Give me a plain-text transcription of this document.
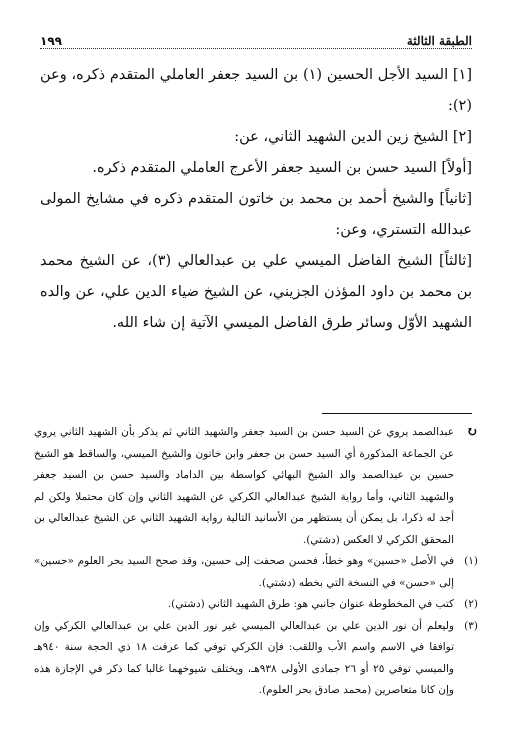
الطبقة الثالثة
١٩٩

[١] السيد الأجل الحسين (١) بن السيد جعفر العاملي المتقدم ذكره، وعن (٢):

[٢] الشيخ زين الدين الشهيد الثاني، عن:

[أولاً] السيد حسن بن السيد جعفر الأعرج العاملي المتقدم ذكره.

[ثانياً] والشيخ أحمد بن محمد بن خاتون المتقدم ذكره في مشايخ المولى عبدالله التستري، وعن:

[ثالثاً] الشيخ الفاضل الميسي علي بن عبدالعالي (٣)، عن الشيخ محمد بن محمد بن داود المؤذن الجزيني، عن الشيخ ضياء الدين علي، عن والده الشهيد الأوّل وسائر طرق الفاضل الميسي الآتية إن شاء الله.

↻
عبدالصمد يروي عن السيد حسن بن السيد جعفر والشهيد الثاني ثم يذكر بأن الشهيد الثاني يروي عن الجماعة المذكورة أي السيد حسن بن جعفر وابن خاتون والشيخ الميسي، والساقط هو الشيخ حسين بن عبدالصمد والد الشيخ البهائي كواسطة بين الداماد والسيد حسن بن السيد جعفر والشهيد الثاني، وأما رواية الشيخ عبدالعالي الكركي عن الشهيد الثاني وإن كان محتملا ولكن لم أجد له ذكرا، بل يمكن أن يستظهر من الأسانيد التالية رواية الشهيد الثاني عن الشيخ عبدالعالي بن المحقق الكركي لا العكس (دشتي).
(١)
في الأصل «حسين» وهو خطأ، فحسن صحفت إلى حسين، وقد صحح السيد بحر العلوم «حسين» إلى «حسن» في النسخة التي بخطه (دشتي).
(٢)
كتب في المخطوطة عنوان جانبي هو: طرق الشهيد الثاني (دشتي).
(٣)
وليعلم أن نور الدين علي بن عبدالعالي الميسي غير نور الدين علي بن عبدالعالي الكركي وإن توافقا في الاسم واسم الأب واللقب: فإن الكركي توفي كما عرفت ١٨ ذي الحجة سنة ٩٤٠هـ والميسي توفي ٢٥ أو ٢٦ جمادى الأولى ٩٣٨هـ، ويختلف شيوخهما غالبا كما ذكر في الإجازة هذه وإن كانا متعاصرين (محمد صادق بحر العلوم).
